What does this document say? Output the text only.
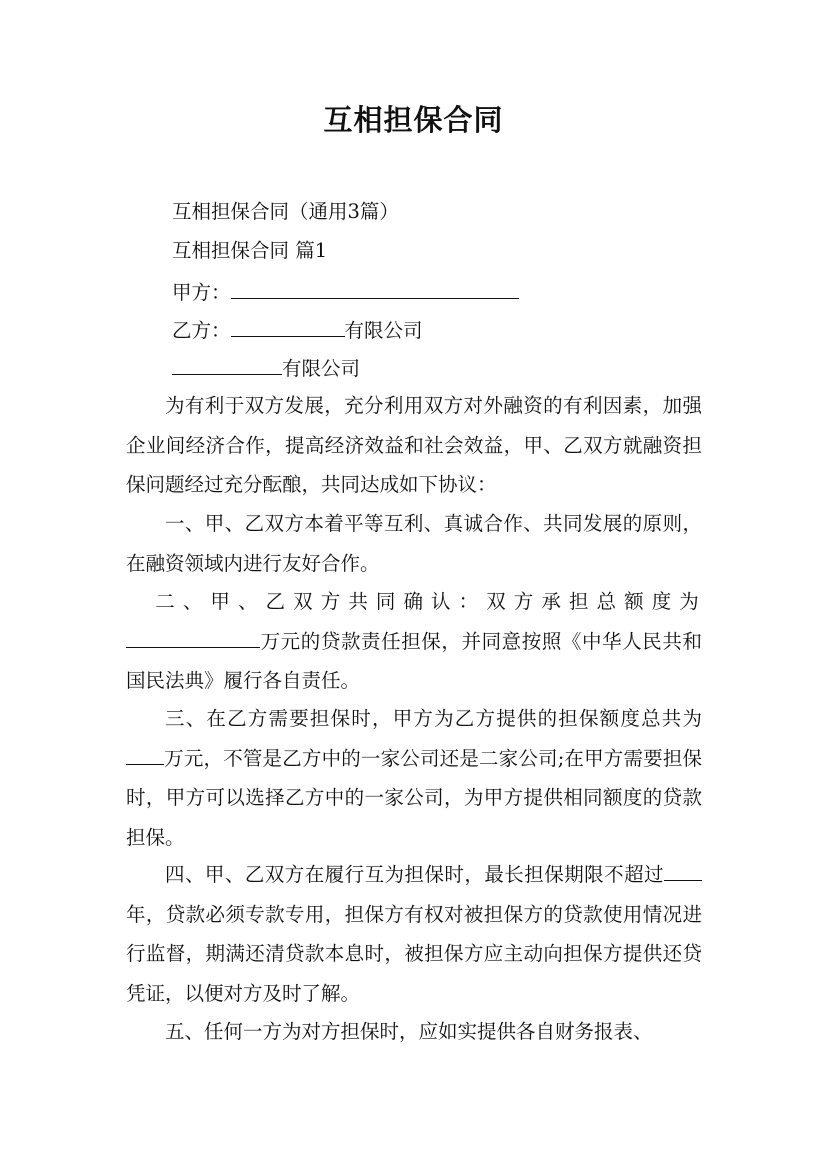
互相担保合同
互相担保合同（通用3篇）
互相担保合同 篇1
甲方：
乙方：	有限公司
有限公司
为有利于双方发展，充分利用双方对外融资的有利因素，加强企业间经济合作，提高经济效益和社会效益，甲、乙双方就融资担保问题经过充分酝酿，共同达成如下协议：
一、甲、乙双方本着平等互利、真诚合作、共同发展的原则，在融资领域内进行友好合作。
二、甲、乙双方共同确认：双方承担总额度为万元的贷款责任担保，并同意按照《中华人民共和国民法典》履行各自责任。
三、在乙方需要担保时，甲方为乙方提供的担保额度总共为万元，不管是乙方中的一家公司还是二家公司;在甲方需要担保时，甲方可以选择乙方中的一家公司，为甲方提供相同额度的贷款担保。
四、甲、乙双方在履行互为担保时，最长担保期限不超过年，贷款必须专款专用，担保方有权对被担保方的贷款使用情况进行监督，期满还清贷款本息时，被担保方应主动向担保方提供还贷凭证，以便对方及时了解。
五、任何一方为对方担保时，应如实提供各自财务报表、
